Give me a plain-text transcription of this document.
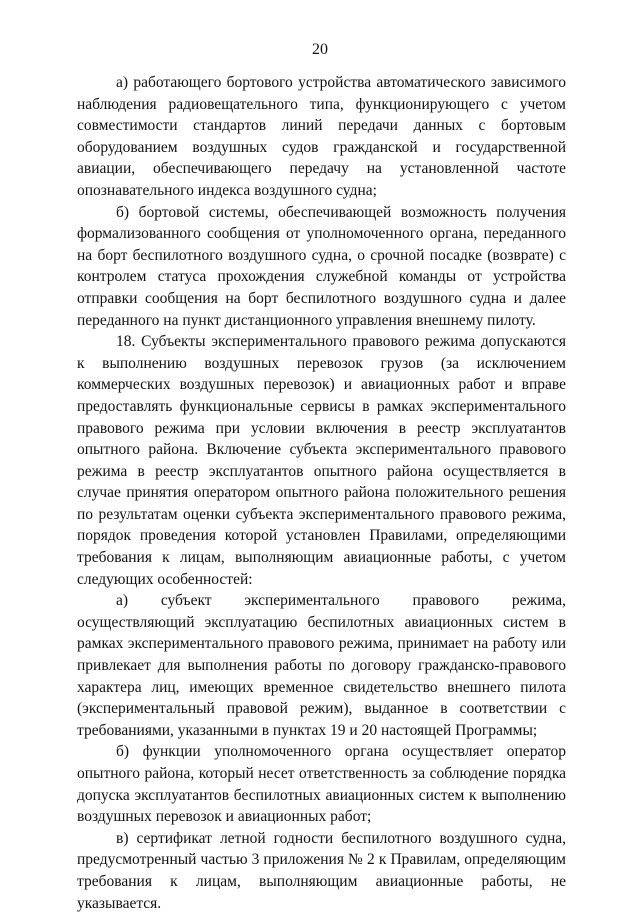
20

а) работающего бортового устройства автоматического зависимого наблюдения радиовещательного типа, функционирующего с учетом совместимости стандартов линий передачи данных с бортовым оборудованием воздушных судов гражданской и государственной авиации, обеспечивающего передачу на установленной частоте опознавательного индекса воздушного судна;

б) бортовой системы, обеспечивающей возможность получения формализованного сообщения от уполномоченного органа, переданного на борт беспилотного воздушного судна, о срочной посадке (возврате) с контролем статуса прохождения служебной команды от устройства отправки сообщения на борт беспилотного воздушного судна и далее переданного на пункт дистанционного управления внешнему пилоту.

18. Субъекты экспериментального правового режима допускаются к выполнению воздушных перевозок грузов (за исключением коммерческих воздушных перевозок) и авиационных работ и вправе предоставлять функциональные сервисы в рамках экспериментального правового режима при условии включения в реестр эксплуатантов опытного района. Включение субъекта экспериментального правового режима в реестр эксплуатантов опытного района осуществляется в случае принятия оператором опытного района положительного решения по результатам оценки субъекта экспериментального правового режима, порядок проведения которой установлен Правилами, определяющими требования к лицам, выполняющим авиационные работы, с учетом следующих особенностей:

а) субъект экспериментального правового режима, осуществляющий эксплуатацию беспилотных авиационных систем в рамках экспериментального правового режима, принимает на работу или привлекает для выполнения работы по договору гражданско-правового характера лиц, имеющих временное свидетельство внешнего пилота (экспериментальный правовой режим), выданное в соответствии с требованиями, указанными в пунктах 19 и 20 настоящей Программы;

б) функции уполномоченного органа осуществляет оператор опытного района, который несет ответственность за соблюдение порядка допуска эксплуатантов беспилотных авиационных систем к выполнению воздушных перевозок и авиационных работ;

в) сертификат летной годности беспилотного воздушного судна, предусмотренный частью 3 приложения № 2 к Правилам, определяющим требования к лицам, выполняющим авиационные работы, не указывается.
